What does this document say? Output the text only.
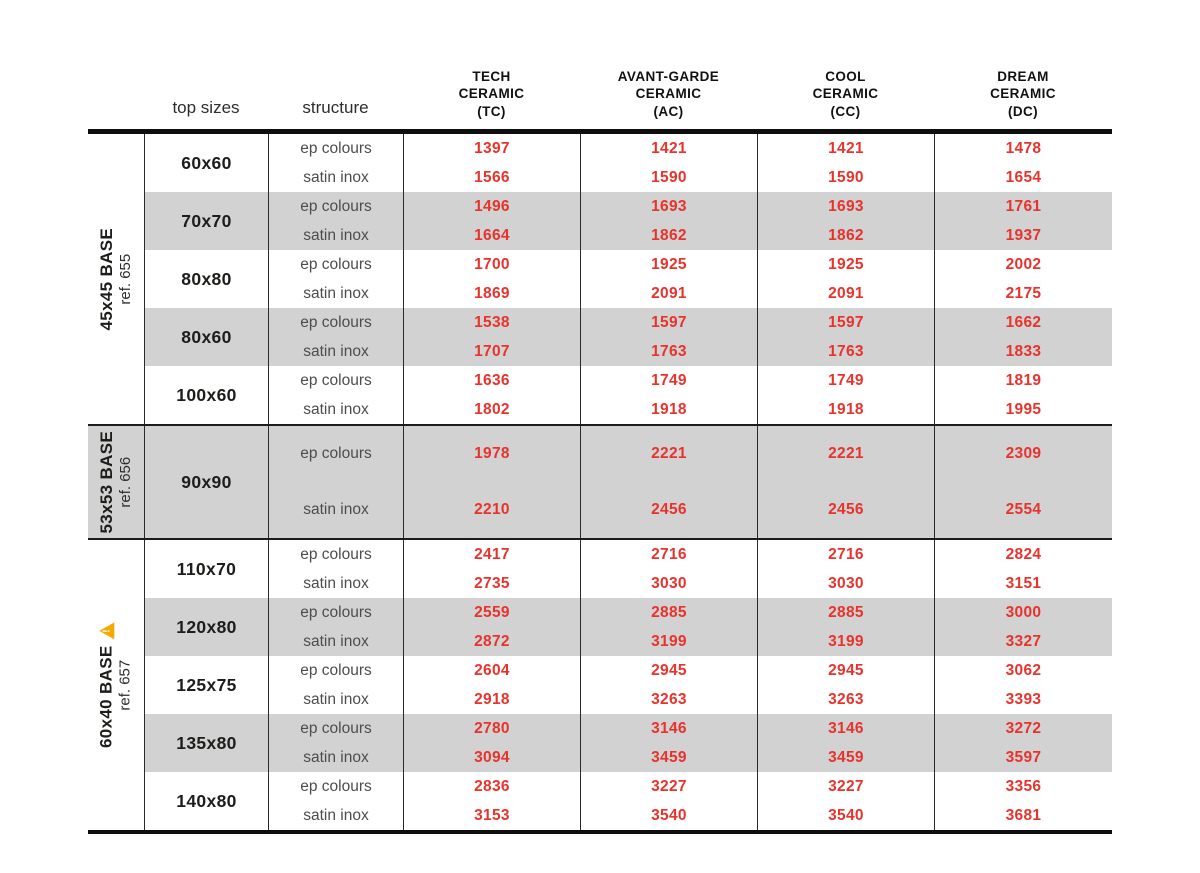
top sizes	structure
TECH
CERAMIC
(TC)
AVANT-GARDE
CERAMIC
(AC)
COOL
CERAMIC
(CC)
DREAM
CERAMIC
(DC)
45x45 BASE ref. 655
60x60
ep colours
satin inox
1397
1566
1421
1590
1421
1590
1478
1654
70x70
ep colours
satin inox
1496
1664
1693
1862
1693
1862
1761
1937
80x80
ep colours
satin inox
1700
1869
1925
2091
1925
2091
2002
2175
80x60
ep colours
satin inox
1538
1707
1597
1763
1597
1763
1662
1833
100x60
ep colours
satin inox
1636
1802
1749
1918
1749
1918
1819
1995
53x53 BASE ref. 656	90x90
ep colours
satin inox
1978
2210
2221
2456
2221
2456
2309
2554
60x40 BASE
! ref. 657
110x70
ep colours
satin inox
2417
2735
2716
3030
2716
3030
2824
3151
120x80
ep colours
satin inox
2559
2872
2885
3199
2885
3199
3000
3327
125x75
ep colours
satin inox
2604
2918
2945
3263
2945
3263
3062
3393
135x80
ep colours
satin inox
2780
3094
3146
3459
3146
3459
3272
3597
140x80
ep colours
satin inox
2836
3153
3227
3540
3227
3540
3356
3681
